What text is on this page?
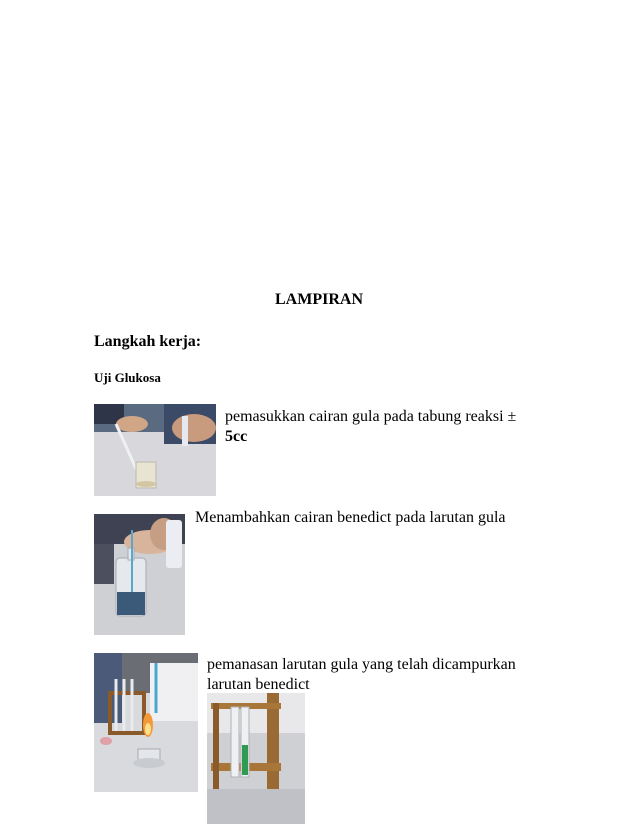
LAMPIRAN
Langkah kerja:
Uji Glukosa
pemasukkan cairan gula pada tabung reaksi ±
5cc
Menambahkan cairan benedict pada larutan gula
pemanasan larutan gula yang telah dicampurkan larutan benedict
